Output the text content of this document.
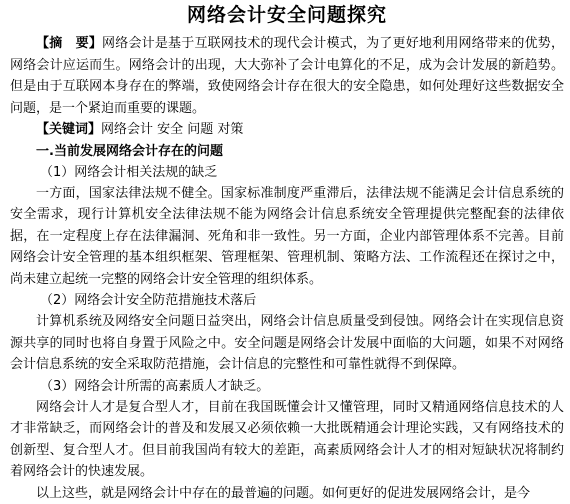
网络会计安全问题探究

【摘　要】网络会计是基于互联网技术的现代会计模式，为了更好地利用网络带来的优势，网络会计应运而生。网络会计的出现，大大弥补了会计电算化的不足，成为会计发展的新趋势。但是由于互联网本身存在的弊端，致使网络会计存在很大的安全隐患，如何处理好这些数据安全问题，是一个紧迫而重要的课题。

【关键词】网络会计 安全 问题 对策

一.当前发展网络会计存在的问题

（1）网络会计相关法规的缺乏

一方面，国家法律法规不健全。国家标准制度严重滞后，法律法规不能满足会计信息系统的安全需求，现行计算机安全法律法规不能为网络会计信息系统安全管理提供完整配套的法律依据，在一定程度上存在法律漏洞、死角和非一致性。另一方面，企业内部管理体系不完善。目前网络会计安全管理的基本组织框架、管理框架、管理机制、策略方法、工作流程还在探讨之中，尚未建立起统一完整的网络会计安全管理的组织体系。

（2）网络会计安全防范措施技术落后

计算机系统及网络安全问题日益突出，网络会计信息质量受到侵蚀。网络会计在实现信息资源共享的同时也将自身置于风险之中。安全问题是网络会计发展中面临的大问题，如果不对网络会计信息系统的安全采取防范措施，会计信息的完整性和可靠性就得不到保障。

（3）网络会计所需的高素质人才缺乏。

网络会计人才是复合型人才，目前在我国既懂会计又懂管理，同时又精通网络信息技术的人才非常缺乏，而网络会计的普及和发展又必须依赖一大批既精通会计理论实践，又有网络技术的创新型、复合型人才。但目前我国尚有较大的差距，高素质网络会计人才的相对短缺状况将制约着网络会计的快速发展。

以上这些，就是网络会计中存在的最普遍的问题。如何更好的促进发展网络会计，是今
